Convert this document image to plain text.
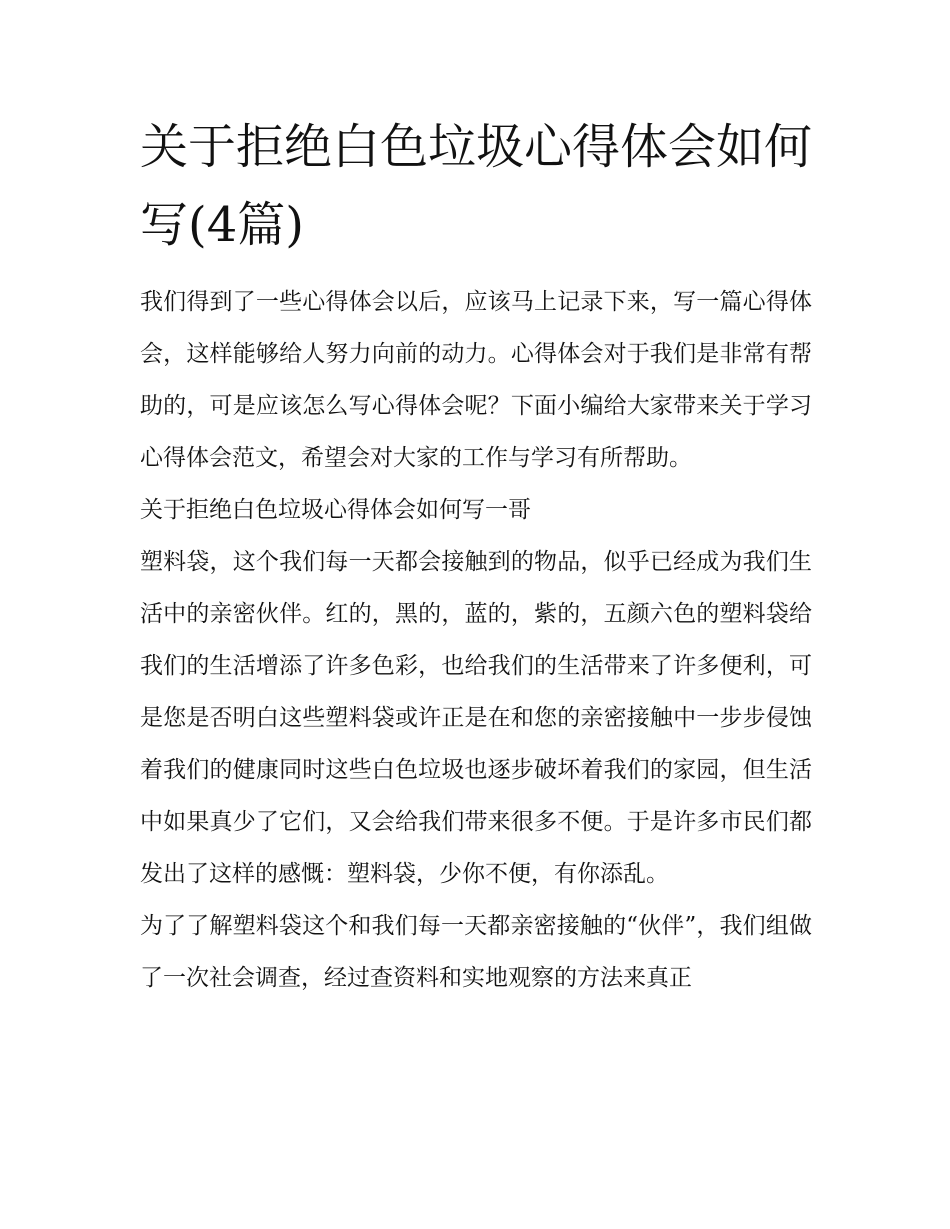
关于拒绝白色垃圾心得体会如何写(4篇)

我们得到了一些心得体会以后，应该马上记录下来，写一篇心得体会，这样能够给人努力向前的动力。心得体会对于我们是非常有帮助的，可是应该怎么写心得体会呢？下面小编给大家带来关于学习心得体会范文，希望会对大家的工作与学习有所帮助。

关于拒绝白色垃圾心得体会如何写一哥

塑料袋，这个我们每一天都会接触到的物品，似乎已经成为我们生活中的亲密伙伴。红的，黑的，蓝的，紫的，五颜六色的塑料袋给我们的生活增添了许多色彩，也给我们的生活带来了许多便利，可是您是否明白这些塑料袋或许正是在和您的亲密接触中一步步侵蚀着我们的健康同时这些白色垃圾也逐步破坏着我们的家园，但生活中如果真少了它们，又会给我们带来很多不便。于是许多市民们都发出了这样的感慨：塑料袋，少你不便，有你添乱。

为了了解塑料袋这个和我们每一天都亲密接触的“伙伴”，我们组做了一次社会调查，经过查资料和实地观察的方法来真正
